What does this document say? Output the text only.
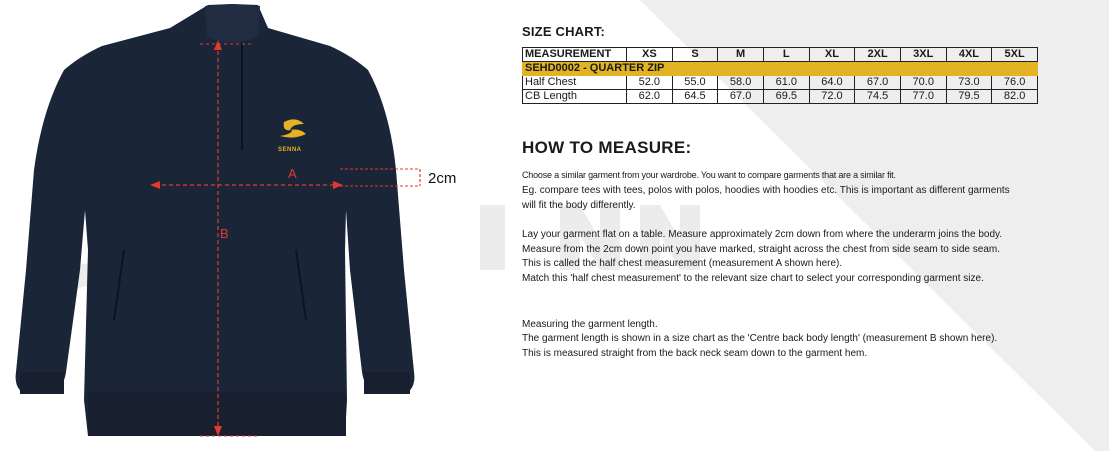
A
B
2cm
SENNA
SIZE CHART:
SEHD0002 - QUARTER ZIP									
MEASUREMENT	XS	S	M	L	XL	2XL	3XL	4XL	5XL
Half Chest	52.0	55.0	58.0	61.0	64.0	67.0	70.0	73.0	76.0
CB Length	62.0	64.5	67.0	69.5	72.0	74.5	77.0	79.5	82.0
HOW TO MEASURE:
Choose a similar garment from your wardrobe. You want to compare garments that are a similar fit.
Eg. compare tees with tees, polos with polos, hoodies with hoodies etc. This is important as different garments
will fit the body differently.
Lay your garment flat on a table. Measure approximately 2cm down from where the underarm joins the body.
Measure from the 2cm down point you have marked, straight across the chest from side seam to side seam.
This is called the half chest measurement (measurement A shown here).
Match this 'half chest measurement' to the relevant size chart to select your corresponding garment size.
Measuring the garment length.
The garment length is shown in a size chart as the 'Centre back body length' (measurement B shown here).
This is measured straight from the back neck seam down to the garment hem.
